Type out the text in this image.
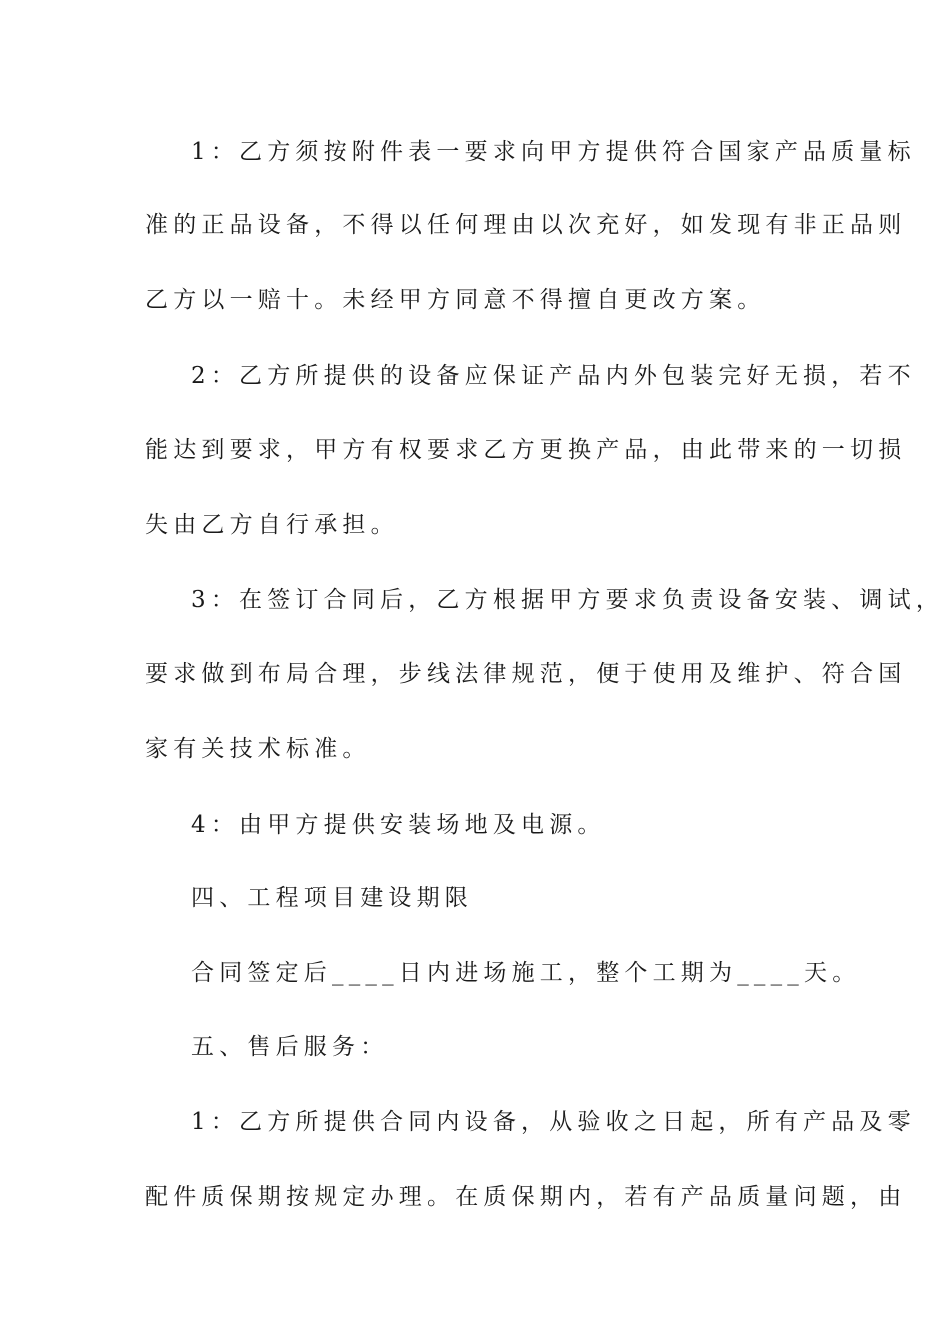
1：乙方须按附件表一要求向甲方提供符合国家产品质量标
准的正品设备，不得以任何理由以次充好，如发现有非正品则
乙方以一赔十。未经甲方同意不得擅自更改方案。
2：乙方所提供的设备应保证产品内外包装完好无损，若不
能达到要求，甲方有权要求乙方更换产品，由此带来的一切损
失由乙方自行承担。
3：在签订合同后，乙方根据甲方要求负责设备安装、调试，
要求做到布局合理，步线法律规范，便于使用及维护、符合国
家有关技术标准。
4：由甲方提供安装场地及电源。
四、工程项目建设期限
合同签定后____日内进场施工，整个工期为____天。
五、售后服务：
1：乙方所提供合同内设备，从验收之日起，所有产品及零
配件质保期按规定办理。在质保期内，若有产品质量问题，由
